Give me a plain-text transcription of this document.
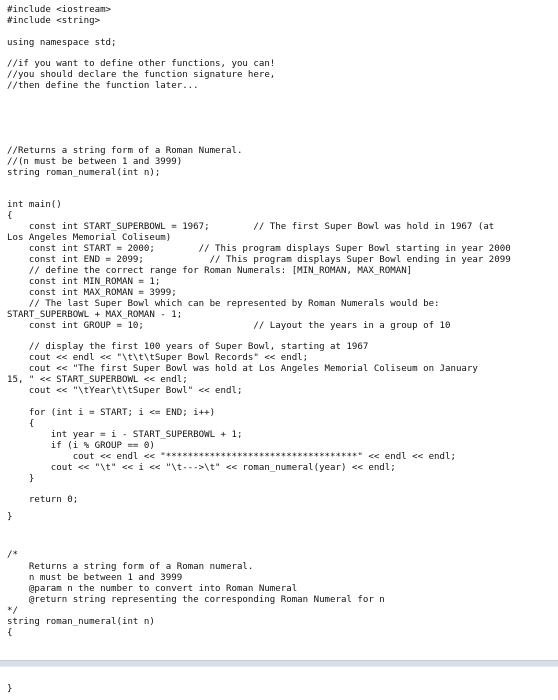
#include <iostream>
#include <string>
using namespace std;
//if you want to define other functions, you can!
//you should declare the function signature here,
//then define the function later...
//Returns a string form of a Roman Numeral.
//(n must be between 1 and 3999)
string roman_numeral(int n);
int main()
{
const int START_SUPERBOWL = 1967;        // The first Super Bowl was hold in 1967 (at
Los Angeles Memorial Coliseum)
const int START = 2000;        // This program displays Super Bowl starting in year 2000
const int END = 2099;            // This program displays Super Bowl ending in year 2099
// define the correct range for Roman Numerals: [MIN_ROMAN, MAX_ROMAN]
const int MIN_ROMAN = 1;
const int MAX_ROMAN = 3999;
// The last Super Bowl which can be represented by Roman Numerals would be:
START_SUPERBOWL + MAX_ROMAN - 1;
const int GROUP = 10;                    // Layout the years in a group of 10
// display the first 100 years of Super Bowl, starting at 1967
cout << endl << "\t\t\tSuper Bowl Records" << endl;
cout << "The first Super Bowl was hold at Los Angeles Memorial Coliseum on January
15, " << START_SUPERBOWL << endl;
cout << "\tYear\t\tSuper Bowl" << endl;
for (int i = START; i <= END; i++)
{
int year = i - START_SUPERBOWL + 1;
if (i % GROUP == 0)
cout << endl << "***********************************" << endl << endl;
cout << "\t" << i << "\t--->\t" << roman_numeral(year) << endl;
}
return 0;
}
/*
Returns a string form of a Roman numeral.
n must be between 1 and 3999
@param n the number to convert into Roman Numeral
@return string representing the corresponding Roman Numeral for n
*/
string roman_numeral(int n)
{
}
